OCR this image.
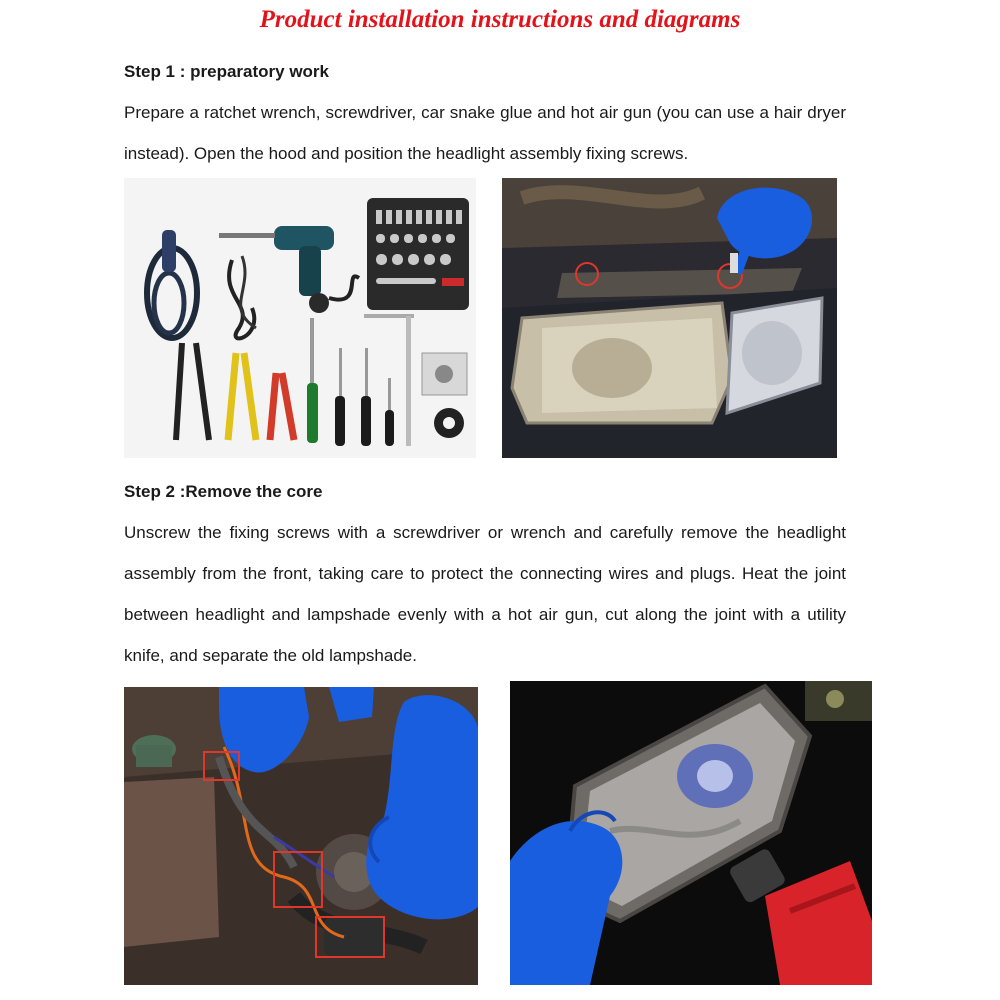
Product installation instructions and diagrams
Step 1 : preparatory work

Prepare a ratchet wrench, screwdriver, car snake glue and hot air gun (you can use a hair dryer instead). Open the hood and position the headlight assembly fixing screws.

Step 2 :Remove the core

Unscrew the fixing screws with a screwdriver or wrench and carefully remove the headlight assembly from the front, taking care to protect the connecting wires and plugs. Heat the joint between headlight and lampshade evenly with a hot air gun, cut along the joint with a utility knife, and separate the old lampshade.
